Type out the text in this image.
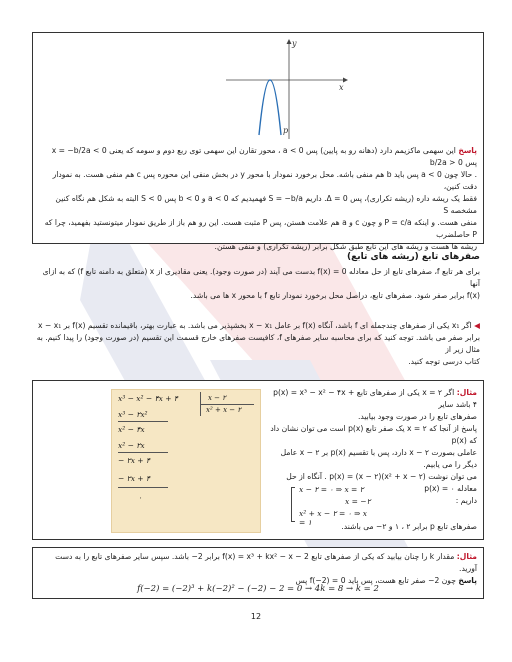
y
x
p
پاسخ این سهمی ماکزیمم دارد (دهانه رو به پایین) پس a < 0 ، محور تقارن این سهمی توی ربع دوم و سومه که یعنی x = −b/2a < 0 پس b/2a > 0
. حالا چون a < 0 پس باید b هم منفی باشه. محل برخورد نمودار با محور y در بخش منفی این محوره پس c هم منفی هست. به نمودار دقت کنین،
فقط یک ریشه داره (ریشه تکراری)، پس Δ = 0. داریم S = −b/a فهمیدیم که a < 0 و b < 0 پس S < 0 البته به شکل هم نگاه کنین مشخصه S
منفی هست. و اینکه P = c/a و چون c و a هم علامت هستن، پس P مثبت هست. این رو هم باز از طریق نمودار میتونستید بفهمید، چرا که P حاصلضرب
ریشه ها هست و ریشه های این تابع طبق شکل برابر (ریشه تکراری) و منفی هستن.
صفرهای تابع (ریشه های تابع)
برای هر تابع f، صفرهای تابع از حل معادله f(x) = 0 بدست می آیند (در صورت وجود). یعنی مقادیری از x (متعلق به دامنه تابع f) که به ازای آنها
f(x) برابر صفر شود. صفرهای تابع، دراصل محل برخورد نمودار تابع f با محور x ها می باشد.
◀ اگر x₁ یکی از صفرهای چندجمله ای f باشد، آنگاه f(x) بر عامل x − x₁ بخشپذیر می باشد. به عبارت بهتر، باقیمانده تقسیم f(x) بر x − x₁
برابر صفر می باشد. توجه کنید که برای محاسبه سایر صفرهای f، کافیست صفرهای خارج قسمت این تقسیم (در صورت وجود) را پیدا کنیم. به مثال زیر از
کتاب درسی توجه کنید.
x³ − x² − ۴x + ۴	x − ۲
x² + x − ۲
x³ − ۲x²
x² − ۴x
x² − ۲x
− ۲x + ۴
− ۲x + ۴
۰
مثال: اگر x = ۲ یکی از صفرهای تابع p(x) = x³ − x² − ۴x + ۴ باشد سایر
صفرهای تابع را در صورت وجود بیابید.
پاسخ از آنجا که x = ۲ یک صفر تابع p(x) است می توان نشان داد که p(x)
عاملی بصورت x − ۲ دارد، پس با تقسیم p(x) بر x − ۲ عامل دیگر را می یابیم.
می توان نوشت p(x) = (x − ۲)(x² + x − ۲) . آنگاه از حل معادله p(x) = ۰
داریم :
x − ۲ = ۰ ⇒ x = ۲
x = −۲
x² + x − ۲ = ۰ ⇒ x = ۱	صفرهای تابع p برابر ۲ ، ۱ و ۲− می باشند.
مثال: مقدار k را چنان بیابید که یکی از صفرهای تابع f(x) = x³ + kx² − x − 2 برابر 2− باشد. سپس سایر صفرهای تابع را به دست آورید.
پاسخ چون 2− صفر تابع هست، پس باید f(−2) = 0 پس
f(−2) = (−2)³ + k(−2)² − (−2) − 2 = 0 → 4k = 8 → k = 2
12
